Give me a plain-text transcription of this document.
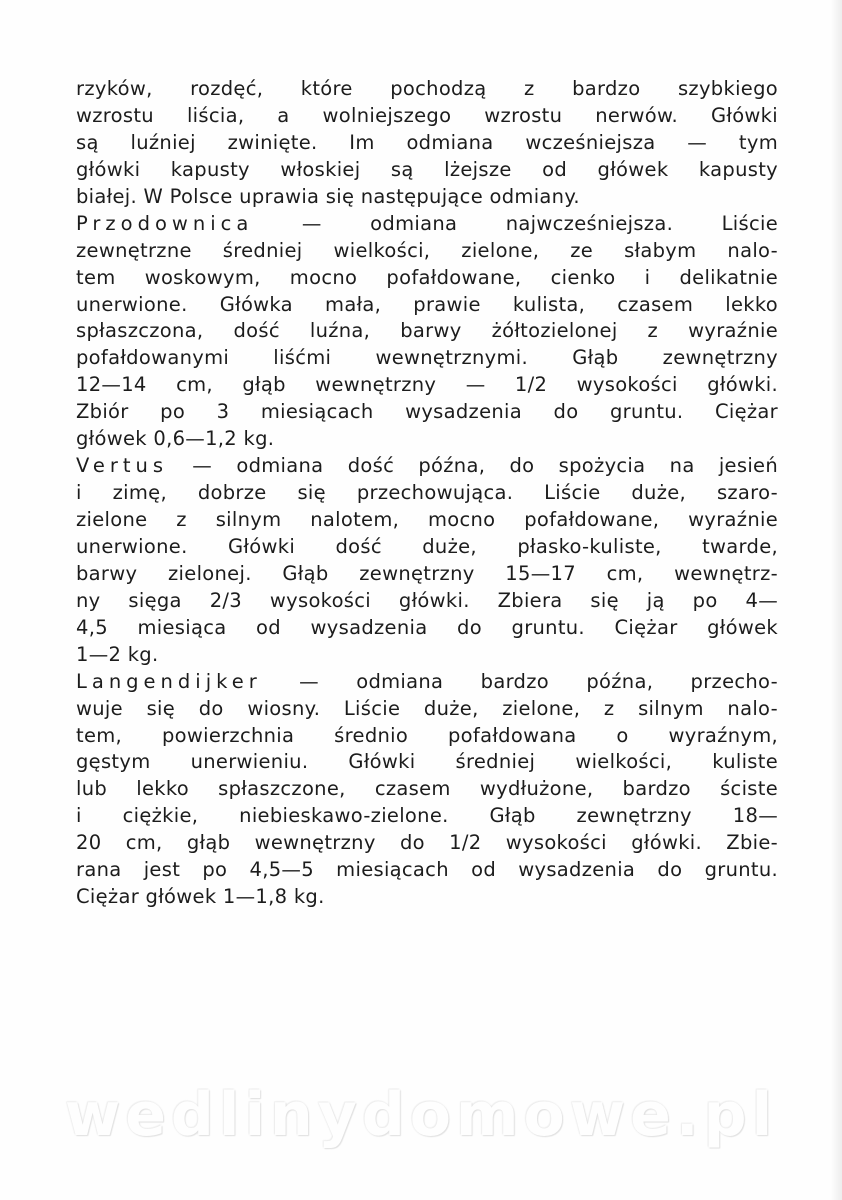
rzyków, rozdęć, które pochodzą z bardzo szybkiego
wzrostu liścia, a wolniejszego wzrostu nerwów. Główki
są luźniej zwinięte. Im odmiana wcześniejsza — tym
główki kapusty włoskiej są lżejsze od główek kapusty
białej. W Polsce uprawia się następujące odmiany.
Przodownica — odmiana najwcześniejsza. Liście
zewnętrzne średniej wielkości, zielone, ze słabym nalo-
tem woskowym, mocno pofałdowane, cienko i delikatnie
unerwione. Główka mała, prawie kulista, czasem lekko
spłaszczona, dość luźna, barwy żółtozielonej z wyraźnie
pofałdowanymi liśćmi wewnętrznymi. Głąb zewnętrzny
12—14 cm, głąb wewnętrzny — 1/2 wysokości główki.
Zbiór po 3 miesiącach wysadzenia do gruntu. Ciężar
główek 0,6—1,2 kg.
Vertus — odmiana dość późna, do spożycia na jesień
i zimę, dobrze się przechowująca. Liście duże, szaro-
zielone z silnym nalotem, mocno pofałdowane, wyraźnie
unerwione. Główki dość duże, płasko-kuliste, twarde,
barwy zielonej. Głąb zewnętrzny 15—17 cm, wewnętrz-
ny sięga 2/3 wysokości główki. Zbiera się ją po 4—
4,5 miesiąca od wysadzenia do gruntu. Ciężar główek
1—2 kg.
Langendijker — odmiana bardzo późna, przecho-
wuje się do wiosny. Liście duże, zielone, z silnym nalo-
tem, powierzchnia średnio pofałdowana o wyraźnym,
gęstym unerwieniu. Główki średniej wielkości, kuliste
lub lekko spłaszczone, czasem wydłużone, bardzo ściste
i ciężkie, niebieskawo-zielone. Głąb zewnętrzny 18—
20 cm, głąb wewnętrzny do 1/2 wysokości główki. Zbie-
rana jest po 4,5—5 miesiącach od wysadzenia do gruntu.
Ciężar główek 1—1,8 kg.
wedlinydomowe.pl
